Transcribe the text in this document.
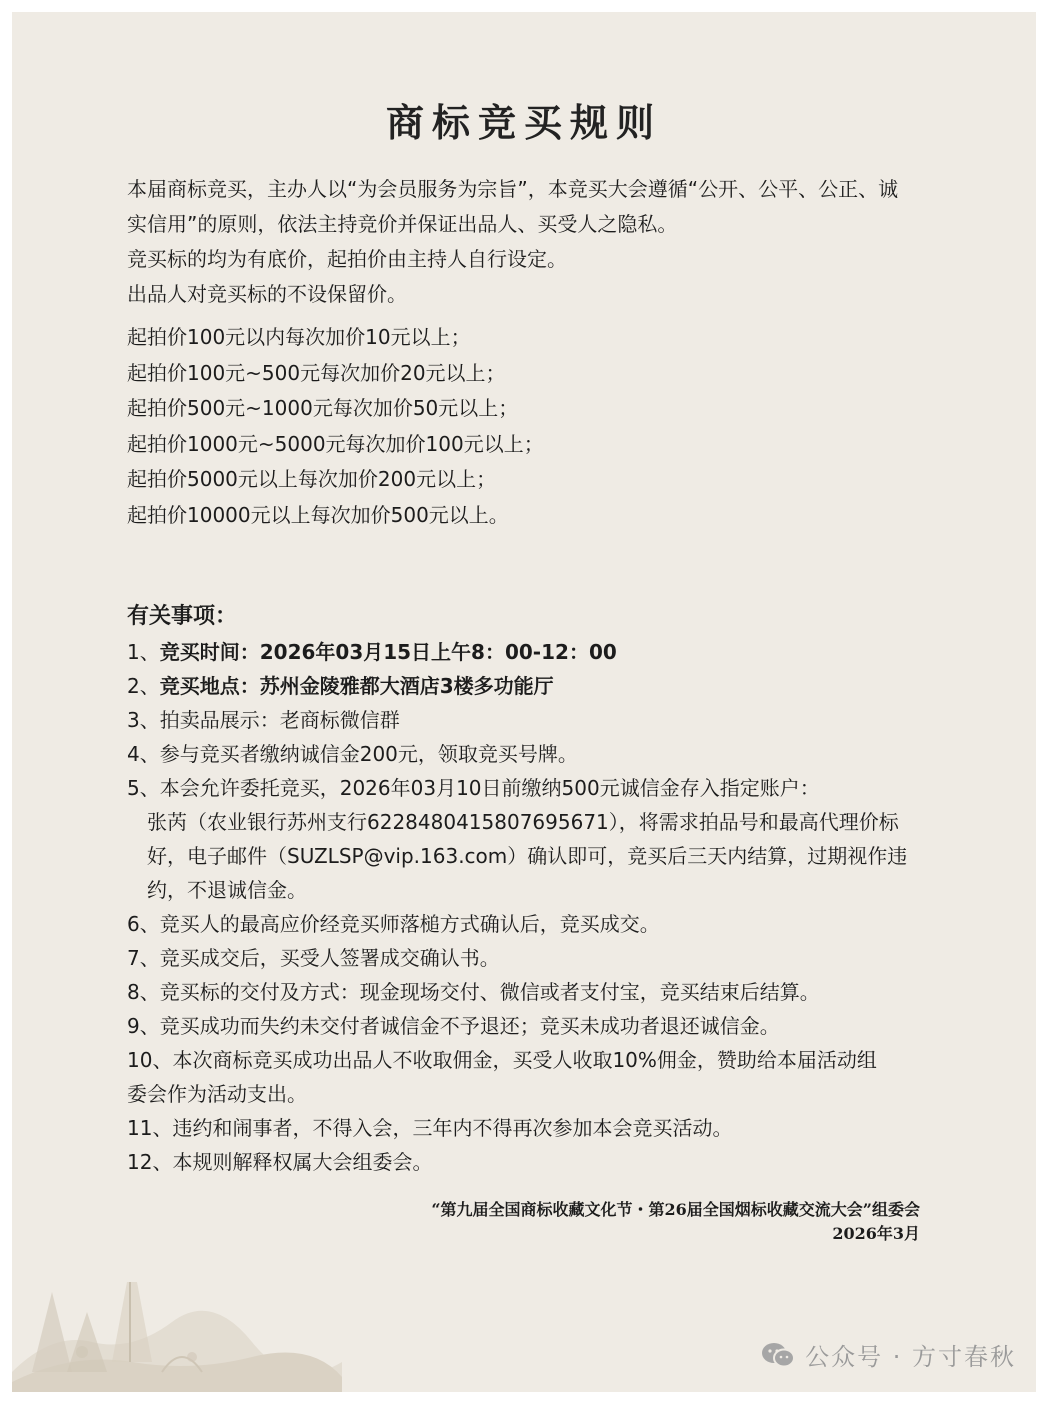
商标竞买规则

本届商标竞买，主办人以“为会员服务为宗旨”，本竞买大会遵循“公开、公平、公正、诚

实信用”的原则，依法主持竞价并保证出品人、买受人之隐私。

竞买标的均为有底价，起拍价由主持人自行设定。

出品人对竞买标的不设保留价。

起拍价100元以内每次加价10元以上；

起拍价100元~500元每次加价20元以上；

起拍价500元~1000元每次加价50元以上；

起拍价1000元~5000元每次加价100元以上；

起拍价5000元以上每次加价200元以上；

起拍价10000元以上每次加价500元以上。

有关事项：

1、竞买时间：2026年03月15日上午8：00-12：00

2、竞买地点：苏州金陵雅都大酒店3楼多功能厅

3、拍卖品展示：老商标微信群

4、参与竞买者缴纳诚信金200元，领取竞买号牌。

5、本会允许委托竞买，2026年03月10日前缴纳500元诚信金存入指定账户：
张芮（农业银行苏州支行6228480415807695671），将需求拍品号和最高代理价标
好，电子邮件（SUZLSP@vip.163.com）确认即可，竞买后三天内结算，过期视作违
约，不退诚信金。

6、竞买人的最高应价经竞买师落槌方式确认后，竞买成交。

7、竞买成交后，买受人签署成交确认书。

8、竞买标的交付及方式：现金现场交付、微信或者支付宝，竞买结束后结算。

9、竞买成功而失约未交付者诚信金不予退还；竞买未成功者退还诚信金。

10、本次商标竞买成功出品人不收取佣金，买受人收取10%佣金，赞助给本届活动组
委会作为活动支出。

11、违约和闹事者，不得入会，三年内不得再次参加本会竞买活动。

12、本规则解释权属大会组委会。

“第九届全国商标收藏文化节・第26届全国烟标收藏交流大会”组委会
2026年3月
公众号 · 方寸春秋
